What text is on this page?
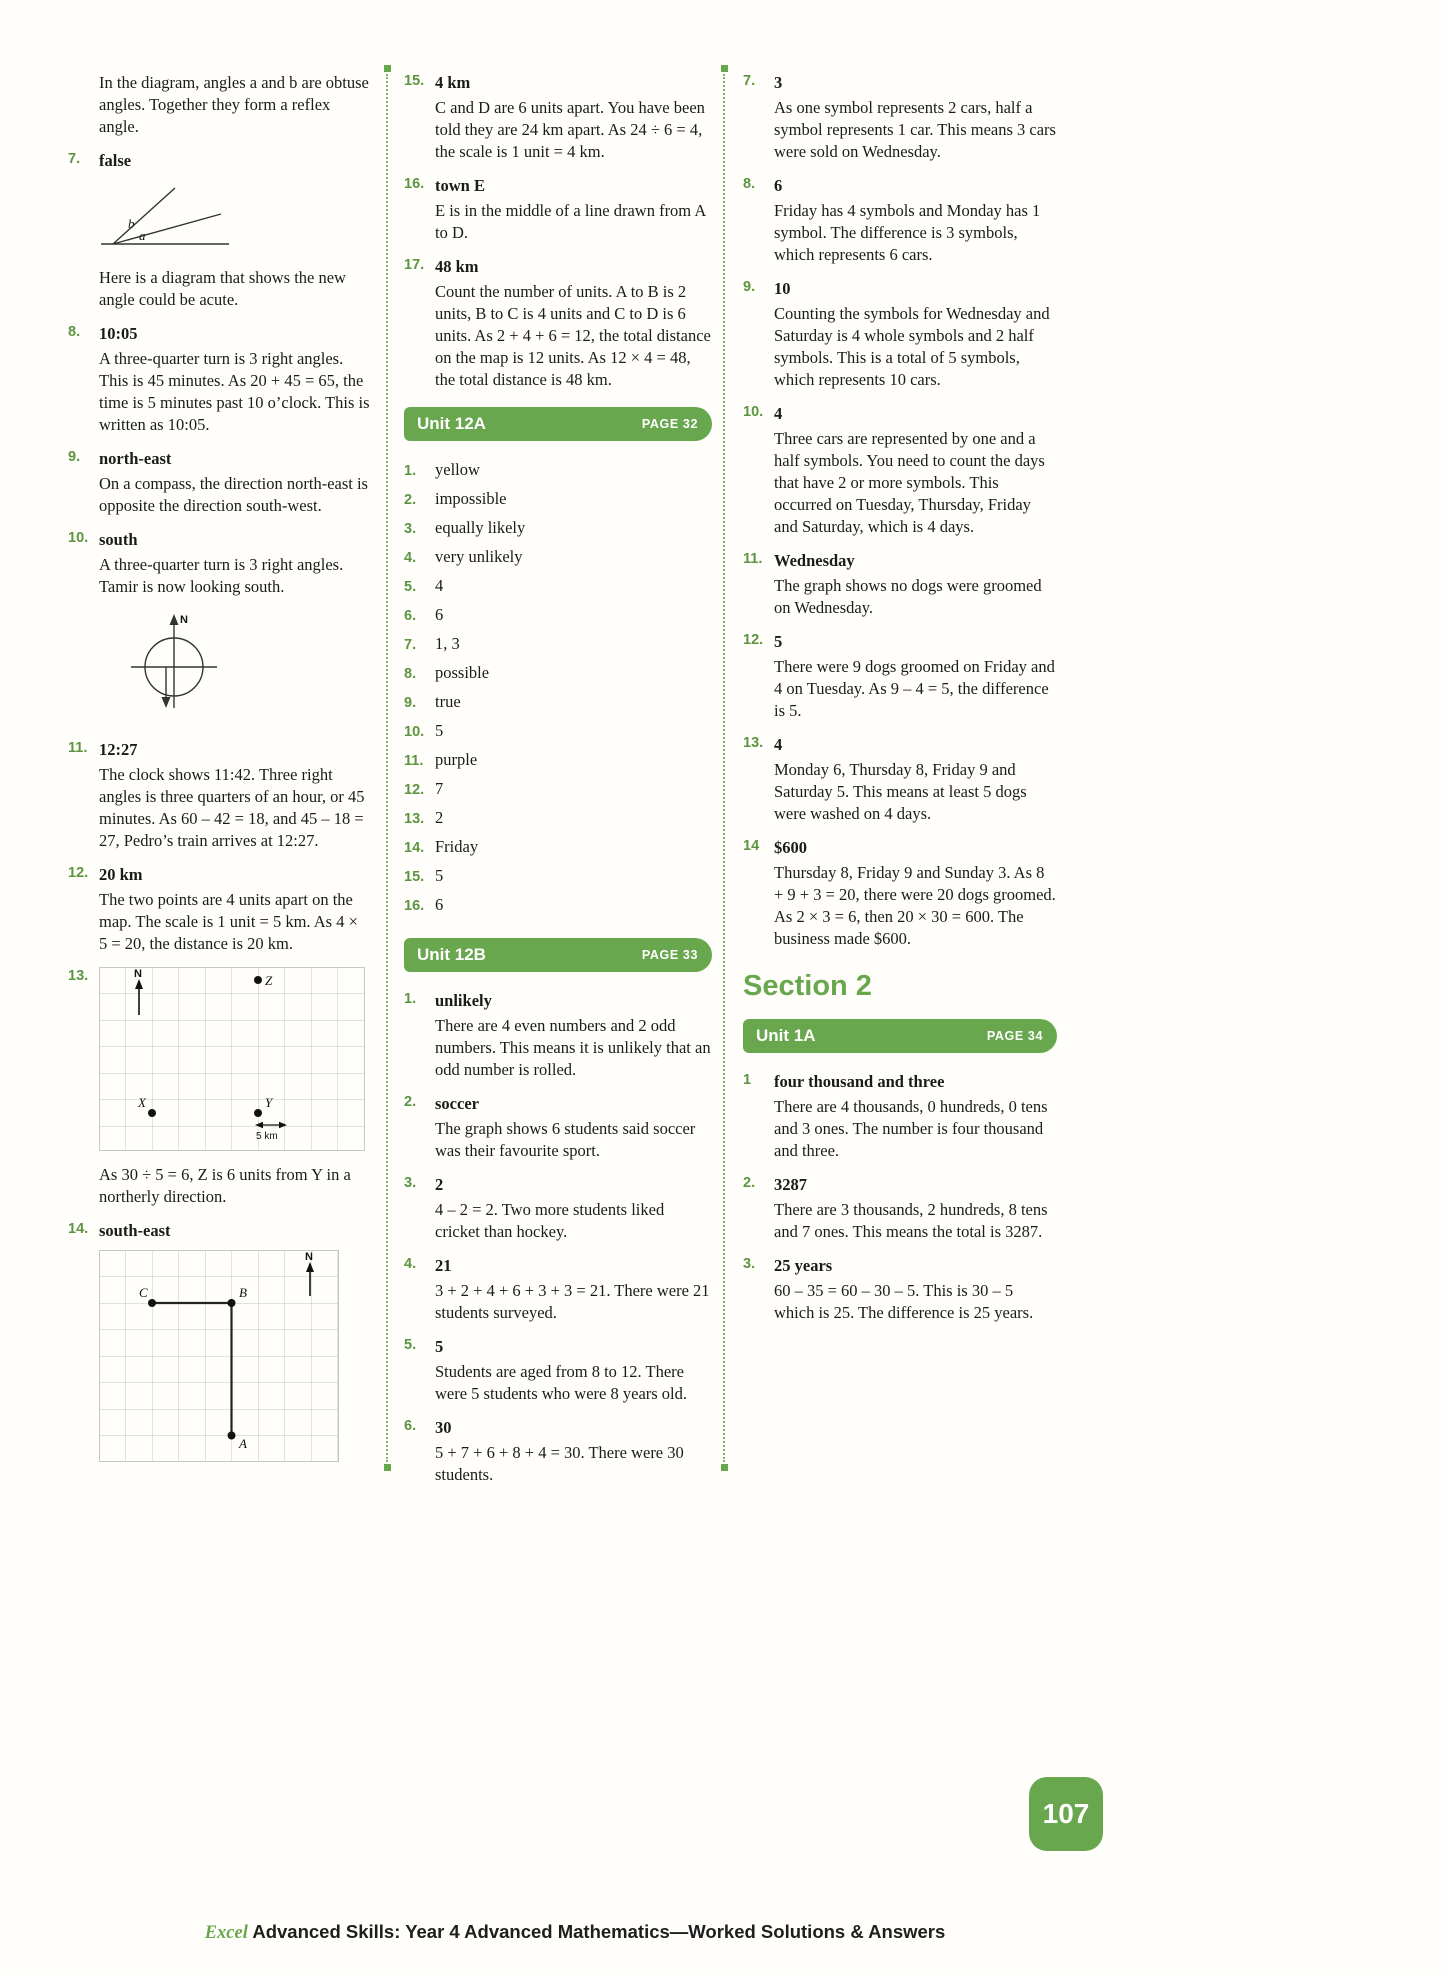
In the diagram, angles a and b are obtuse angles. Together they form a reflex angle.
7. false
b
a
Here is a diagram that shows the new angle could be acute.
8. 10:05
A three-quarter turn is 3 right angles. This is 45 minutes. As 20 + 45 = 65, the time is 5 minutes past 10 o’clock. This is written as 10:05.
9. north-east
On a compass, the direction north-east is opposite the direction south-west.
10. south
A three-quarter turn is 3 right angles. Tamir is now looking south.
N
11. 12:27
The clock shows 11:42. Three right angles is three quarters of an hour, or 45 minutes. As 60 – 42 = 18, and 45 – 18 = 27, Pedro’s train arrives at 12:27.
12. 20 km
The two points are 4 units apart on the map. The scale is 1 unit = 5 km. As 4 × 5 = 20, the distance is 20 km.
13.	N	Z
X	Y
5 km
As 30 ÷ 5 = 6, Z is 6 units from Y in a northerly direction.
14. south-east
N
C	B
A
15. 4 km
C and D are 6 units apart. You have been told they are 24 km apart. As 24 ÷ 6 = 4, the scale is 1 unit = 4 km.
16. town E
E is in the middle of a line drawn from A to D.
17. 48 km
Count the number of units. A to B is 2 units, B to C is 4 units and C to D is 6 units. As 2 + 4 + 6 = 12, the total distance on the map is 12 units. As 12 × 4 = 48, the total distance is 48 km.
Unit 12A	PAGE 32
1. yellow
2. impossible
3. equally likely
4. very unlikely
5. 4
6. 6
7. 1, 3
8. possible
9. true
10. 5
11. purple
12. 7
13. 2
14. Friday
15. 5
16. 6
Unit 12B	PAGE 33
1. unlikely
There are 4 even numbers and 2 odd numbers. This means it is unlikely that an odd number is rolled.
2. soccer
The graph shows 6 students said soccer was their favourite sport.
3. 2
4 – 2 = 2. Two more students liked cricket than hockey.
4. 21
3 + 2 + 4 + 6 + 3 + 3 = 21. There were 21 students surveyed.
5. 5
Students are aged from 8 to 12. There were 5 students who were 8 years old.
6. 30
5 + 7 + 6 + 8 + 4 = 30. There were 30 students.
7. 3
As one symbol represents 2 cars, half a symbol represents 1 car. This means 3 cars were sold on Wednesday.
8. 6
Friday has 4 symbols and Monday has 1 symbol. The difference is 3 symbols, which represents 6 cars.
9. 10
Counting the symbols for Wednesday and Saturday is 4 whole symbols and 2 half symbols. This is a total of 5 symbols, which represents 10 cars.
10. 4
Three cars are represented by one and a half symbols. You need to count the days that have 2 or more symbols. This occurred on Tuesday, Thursday, Friday and Saturday, which is 4 days.
11. Wednesday
The graph shows no dogs were groomed on Wednesday.
12. 5
There were 9 dogs groomed on Friday and 4 on Tuesday. As 9 – 4 = 5, the difference is 5.
13. 4
Monday 6, Thursday 8, Friday 9 and Saturday 5. This means at least 5 dogs were washed on 4 days.
14 $600
Thursday 8, Friday 9 and Sunday 3. As 8 + 9 + 3 = 20, there were 20 dogs groomed. As 2 × 3 = 6, then 20 × 30 = 600. The business made $600.
Section 2
Unit 1A	PAGE 34
1 four thousand and three
There are 4 thousands, 0 hundreds, 0 tens and 3 ones. The number is four thousand and three.
2. 3287
There are 3 thousands, 2 hundreds, 8 tens and 7 ones. This means the total is 3287.
3. 25 years
60 – 35 = 60 – 30 – 5. This is 30 – 5 which is 25. The difference is 25 years.
Excel Advanced Skills: Year 4 Advanced Mathematics—Worked Solutions & Answers
107
